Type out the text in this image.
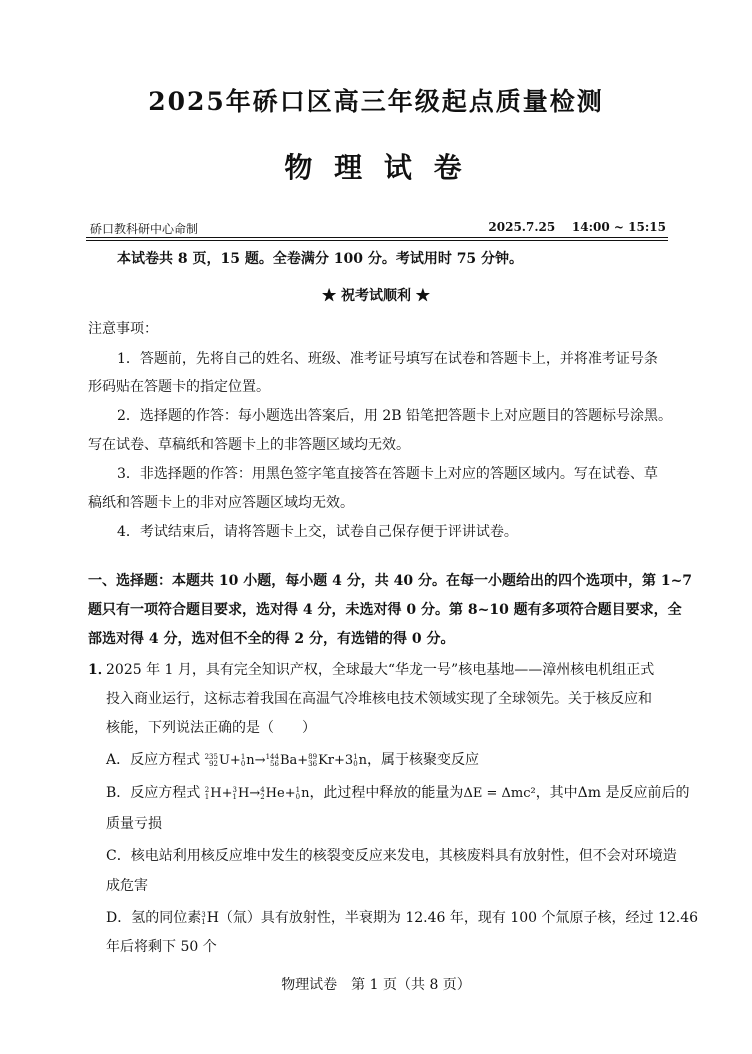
2025年硚口区高三年级起点质量检测
物 理 试 卷
硚口教科研中心命制	2025.7.25    14:00 ~ 15:15
本试卷共 8 页，15 题。全卷满分 100 分。考试用时 75 分钟。
★ 祝考试顺利 ★
注意事项：
1．答题前，先将自己的姓名、班级、准考证号填写在试卷和答题卡上，并将准考证号条
形码贴在答题卡的指定位置。
2．选择题的作答：每小题选出答案后，用 2B 铅笔把答题卡上对应题目的答题标号涂黑。
写在试卷、草稿纸和答题卡上的非答题区域均无效。
3．非选择题的作答：用黑色签字笔直接答在答题卡上对应的答题区域内。写在试卷、草
稿纸和答题卡上的非对应答题区域均无效。
4．考试结束后，请将答题卡上交，试卷自己保存便于评讲试卷。
一、选择题：本题共 10 小题，每小题 4 分，共 40 分。在每一小题给出的四个选项中，第 1~7
题只有一项符合题目要求，选对得 4 分，未选对得 0 分。第 8~10 题有多项符合题目要求，全
部选对得 4 分，选对但不全的得 2 分，有选错的得 0 分。
1．
2025 年 1 月，具有完全知识产权，全球最大“华龙一号”核电基地——漳州核电机组正式
投入商业运行，这标志着我国在高温气冷堆核电技术领域实现了全球领先。关于核反应和
核能，下列说法正确的是（　　）
A．反应方程式 235
92 U+ 1
0 n→ 144
56 Ba+ 89
36 Kr+3 1
0 n，属于核聚变反应
B．反应方程式 2
1 H+ 3
1 H→ 4
2 He+ 1
0 n，此过程中释放的能量为ΔE = Δmc²，其中Δm 是反应前后的
质量亏损
C．核电站利用核反应堆中发生的核裂变反应来发电，其核废料具有放射性，但不会对环境造
成危害
D．氢的同位素 3
1 H（氚）具有放射性，半衰期为 12.46 年，现有 100 个氚原子核，经过 12.46
年后将剩下 50 个
物理试卷　第 1 页（共 8 页）
